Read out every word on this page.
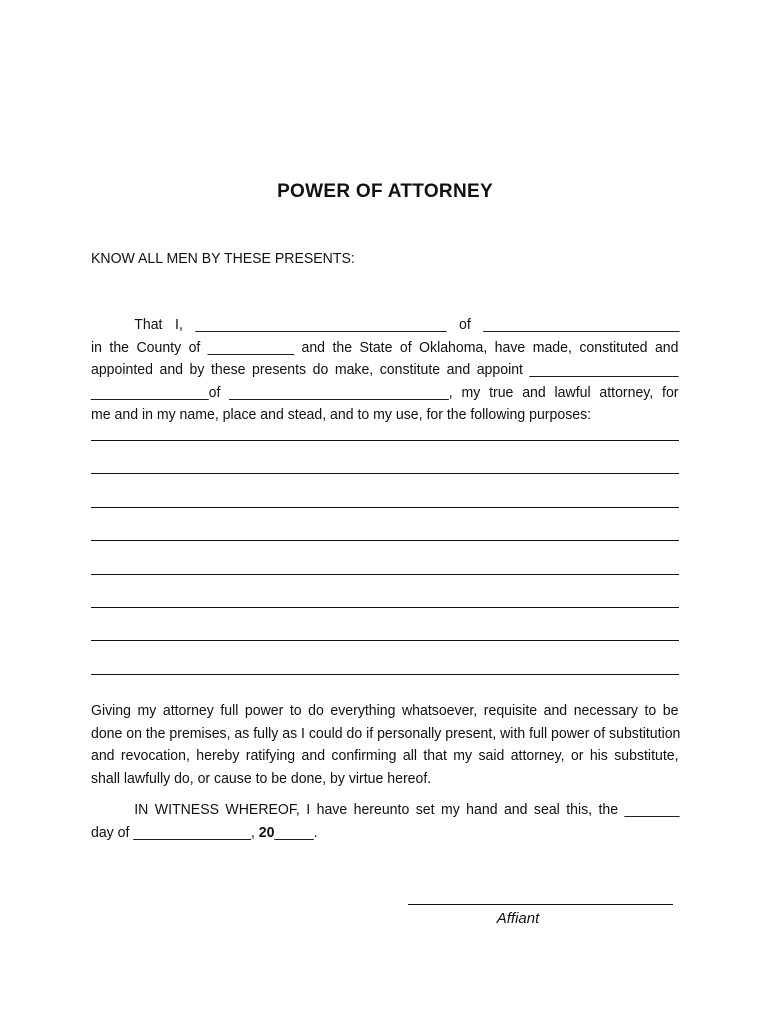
POWER OF ATTORNEY
KNOW ALL MEN BY THESE PRESENTS:
That I, ________________________________ of _________________________
in the County of ___________ and the State of Oklahoma, have made, constituted and
appointed and by these presents do make, constitute and appoint ___________________
_______________of ____________________________, my true and lawful attorney, for
me and in my name, place and stead, and to my use, for the following purposes:
Giving my attorney full power to do everything whatsoever, requisite and necessary to be
done on the premises, as fully as I could do if personally present, with full power of substitution
and revocation, hereby ratifying and confirming all that my said attorney, or his substitute,
shall lawfully do, or cause to be done, by virtue hereof.
IN WITNESS WHEREOF, I have hereunto set my hand and seal this, the _______
day of _______________, 20_____.
Affiant
